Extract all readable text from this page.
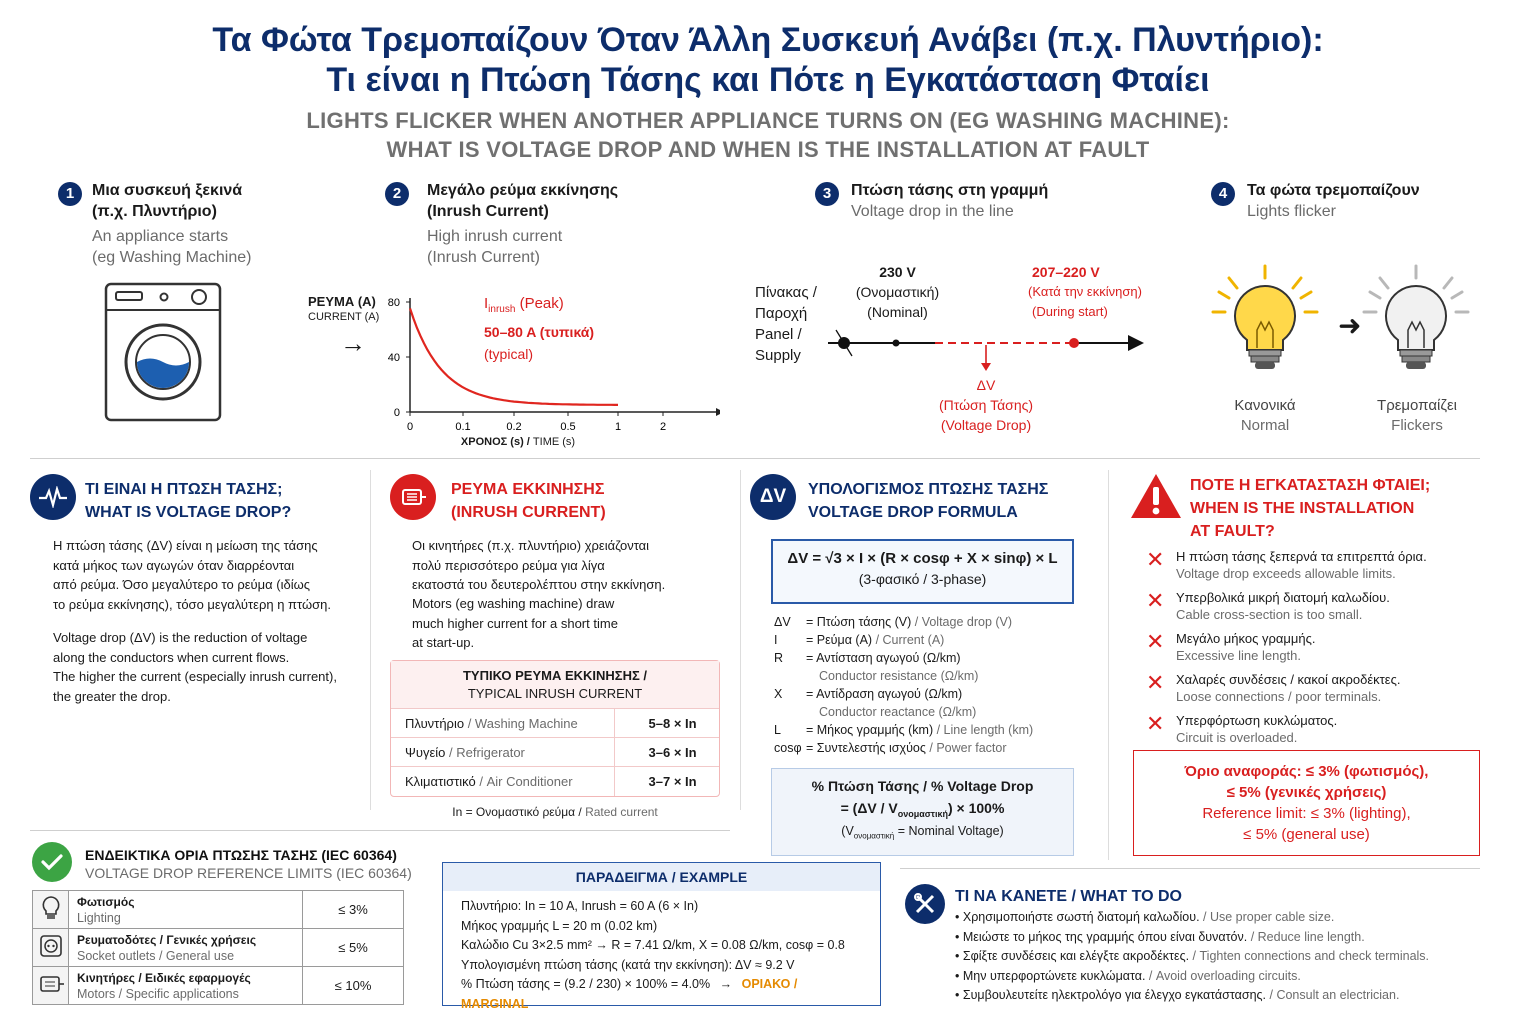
Τα Φώτα Τρεμοπαίζουν Όταν Άλλη Συσκευή Ανάβει (π.χ. Πλυντήριο):
Τι είναι η Πτώση Τάσης και Πότε η Εγκατάσταση Φταίει
LIGHTS FLICKER WHEN ANOTHER APPLIANCE TURNS ON (EG WASHING MACHINE):
WHAT IS VOLTAGE DROP AND WHEN IS THE INSTALLATION AT FAULT
1	Μια συσκευή ξεκινά
(π.χ. Πλυντήριο)
An appliance starts
(eg Washing Machine)
2	Μεγάλο ρεύμα εκκίνησης
(Inrush Current)
High inrush current
(Inrush Current)
ΡΕΥΜΑ (A)
CURRENT (A)
→
0
40
80
0	0.1	0.2	0.5	1	2
ΧΡΟΝΟΣ (s) / TIME (s)
$I_{inrush}$ (Peak)
50–80 A (τυπικά)
(typical)
3	Πτώση τάσης στη γραμμή
Voltage drop in the line
Πίνακας /
Παροχή
Panel /
Supply
230 V
(Ονομαστική)
(Nominal)
207–220 V
(Κατά την εκκίνηση)
(During start)
ΔV
(Πτώση Τάσης)
(Voltage Drop)
4	Τα φώτα τρεμοπαίζουν
Lights flicker
➜
Κανονικά
Normal
Τρεμοπαίζει
Flickers
ΤΙ ΕΙΝΑΙ Η ΠΤΩΣΗ ΤΑΣΗΣ;
WHAT IS VOLTAGE DROP?
Η πτώση τάσης (ΔV) είναι η μείωση της τάσης
κατά μήκος των αγωγών όταν διαρρέονται
από ρεύμα. Όσο μεγαλύτερο το ρεύμα (ιδίως
το ρεύμα εκκίνησης), τόσο μεγαλύτερη η πτώση.
Voltage drop (ΔV) is the reduction of voltage
along the conductors when current flows.
The higher the current (especially inrush current),
the greater the drop.
ΡΕΥΜΑ ΕΚΚΙΝΗΣΗΣ
(INRUSH CURRENT)
Οι κινητήρες (π.χ. πλυντήριο) χρειάζονται
πολύ περισσότερο ρεύμα για λίγα
εκατοστά του δευτερολέπτου στην εκκίνηση.
Motors (eg washing machine) draw
much higher current for a short time
at start-up.
ΤΥΠΙΚΟ ΡΕΥΜΑ ΕΚΚΙΝΗΣΗΣ /
TYPICAL INRUSH CURRENT
Πλυντήριο / Washing Machine	5–8 × In
Ψυγείο / Refrigerator	3–6 × In
Κλιματιστικό / Air Conditioner	3–7 × In
In = Ονομαστικό ρεύμα / Rated current
ΔV	ΥΠΟΛΟΓΙΣΜΟΣ ΠΤΩΣΗΣ ΤΑΣΗΣ
VOLTAGE DROP FORMULA
ΔV = √3 × I × (R × cosφ + X × sinφ) × L
(3-φασικό / 3-phase)
ΔV	= Πτώση τάσης (V) / Voltage drop (V)
I	= Ρεύμα (A) / Current (A)
R	= Αντίσταση αγωγού (Ω/km)
Conductor resistance (Ω/km)
X	= Αντίδραση αγωγού (Ω/km)
Conductor reactance (Ω/km)
L	= Μήκος γραμμής (km) / Line length (km)
cosφ = Συντελεστής ισχύος / Power factor
% Πτώση Τάσης / % Voltage Drop
= $(\Delta V / V_{o\nu o\mu\alpha\sigma\tau\iota\kappa ή}) \times 100\%$
($V_{o\nu o\mu\alpha\sigma\tau\iota\kappa ή}$ = Nominal Voltage)
ΠΟΤΕ Η ΕΓΚΑΤΑΣΤΑΣΗ ΦΤΑΙΕΙ;
WHEN IS THE INSTALLATION
AT FAULT?
✕ Η πτώση τάσης ξεπερνά τα επιτρεπτά όρια.
Voltage drop exceeds allowable limits.
✕ Υπερβολικά μικρή διατομή καλωδίου.
Cable cross-section is too small.
✕ Μεγάλο μήκος γραμμής.
Excessive line length.
✕ Χαλαρές συνδέσεις / κακοί ακροδέκτες.
Loose connections / poor terminals.
✕ Υπερφόρτωση κυκλώματος.
Circuit is overloaded.
Όριο αναφοράς: ≤ 3% (φωτισμός),
≤ 5% (γενικές χρήσεις)
Reference limit: ≤ 3% (lighting),
≤ 5% (general use)
ΕΝΔΕΙΚΤΙΚΑ ΟΡΙΑ ΠΤΩΣΗΣ ΤΑΣΗΣ (IEC 60364)
VOLTAGE DROP REFERENCE LIMITS (IEC 60364)

Φωτισμός
Lighting	≤ 3%

Ρευματοδότες / Γενικές χρήσεις
Socket outlets / General use	≤ 5%

Κινητήρες / Ειδικές εφαρμογές
Motors / Specific applications	≤ 10%
ΠΑΡΑΔΕΙΓΜΑ / EXAMPLE
Πλυντήριο: In = 10 A, Inrush = 60 A (6 × In)
Μήκος γραμμής L = 20 m (0.02 km)
Καλώδιο Cu 3×2.5 mm² → R = 7.41 Ω/km, X = 0.08 Ω/km, cosφ = 0.8
Υπολογισμένη πτώση τάσης (κατά την εκκίνηση): ΔV ≈ 9.2 V
% Πτώση τάσης = (9.2 / 230) × 100% = 4.0% → ΟΡΙΑΚΟ / MARGINAL
ΤΙ ΝΑ ΚΑΝΕΤΕ / WHAT TO DO
• Χρησιμοποιήστε σωστή διατομή καλωδίου. / Use proper cable size.
• Μειώστε το μήκος της γραμμής όπου είναι δυνατόν. / Reduce line length.
• Σφίξτε συνδέσεις και ελέγξτε ακροδέκτες. / Tighten connections and check terminals.
• Μην υπερφορτώνετε κυκλώματα. / Avoid overloading circuits.
• Συμβουλευτείτε ηλεκτρολόγο για έλεγχο εγκατάστασης. / Consult an electrician.
